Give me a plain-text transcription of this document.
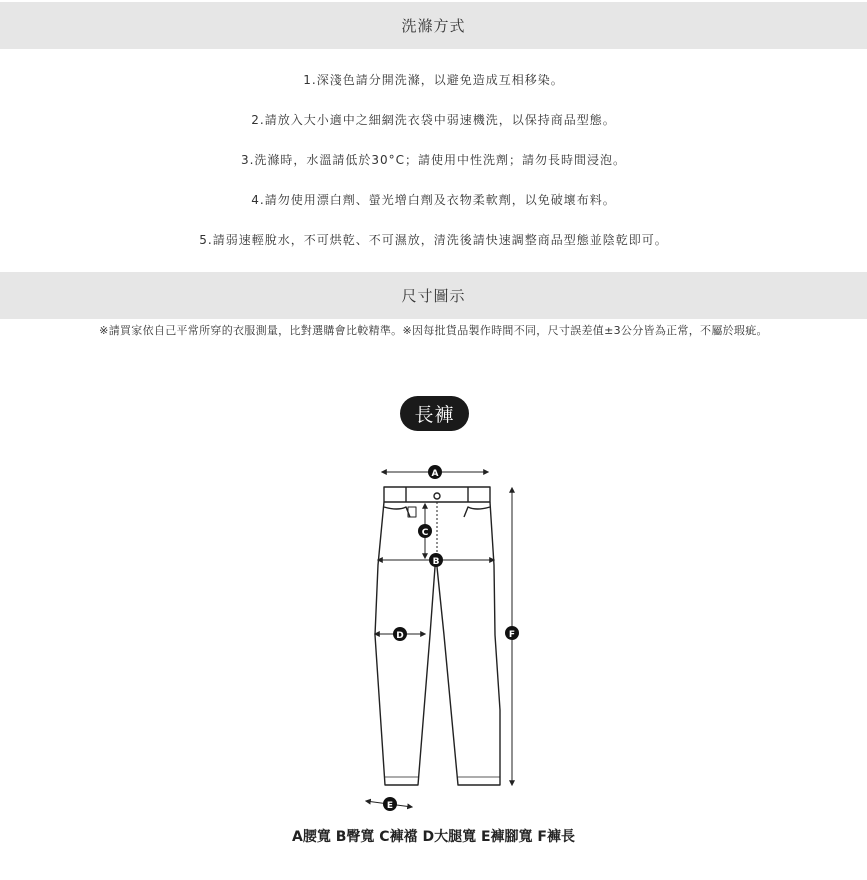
洗滌方式
1.深淺色請分開洗滌，以避免造成互相移染。
2.請放入大小適中之細網洗衣袋中弱速機洗，以保持商品型態。
3.洗滌時，水溫請低於30°C；請使用中性洗劑；請勿長時間浸泡。
4.請勿使用漂白劑、螢光增白劑及衣物柔軟劑，以免破壞布料。
5.請弱速輕脫水，不可烘乾、不可濕放，清洗後請快速調整商品型態並陰乾即可。
尺寸圖示
※請買家依自己平常所穿的衣服測量，比對選購會比較精準。※因每批貨品製作時間不同，尺寸誤差值±3公分皆為正常，不屬於瑕疵。
長褲
A
C
B
D	F
E
A腰寬 B臀寬 C褲襠 D大腿寬 E褲腳寬 F褲長
